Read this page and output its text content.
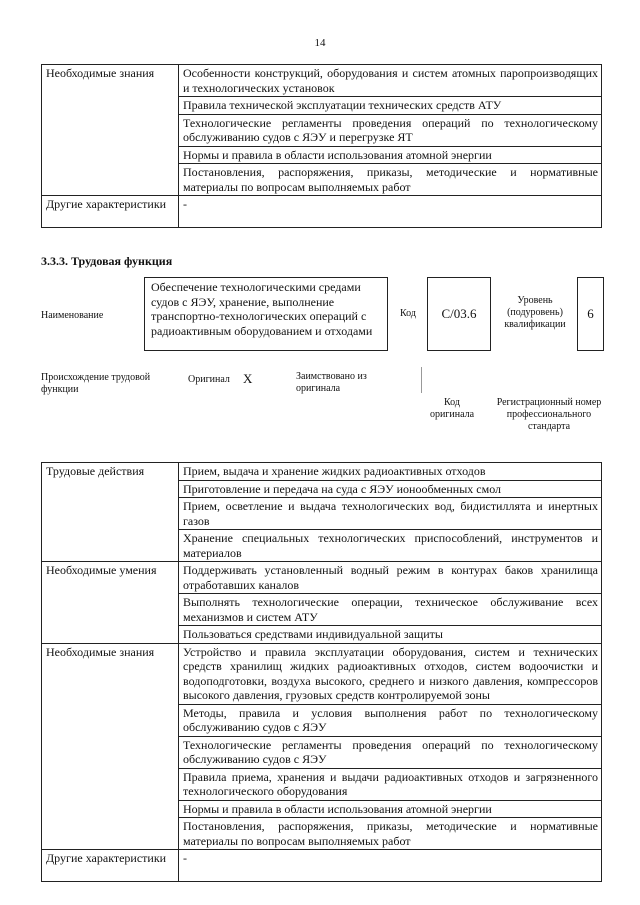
14
Необходимые знания	Особенности конструкций, оборудования и систем атомных паропроизводящих и технологических установок
	Правила технической эксплуатации технических средств АТУ
	Технологические регламенты проведения операций по технологическому обслуживанию судов с ЯЭУ и перегрузке ЯТ
	Нормы и правила в области использования атомной энергии
	Постановления, распоряжения, приказы, методические и нормативные материалы по вопросам выполняемых работ
Другие характеристики	-
3.3.3. Трудовая функция
Наименование
Обеспечение технологическими средами судов с ЯЭУ, хранение, выполнение транспортно-технологических операций с радиоактивным оборудованием и отходами
Код	C/03.6
Уровень (подуровень) квалификации
6
Происхождение трудовой функции
Оригинал X	Заимствовано из оригинала
Код оригинала
Регистрационный номер профессионального стандарта
Трудовые действия	Прием, выдача и хранение жидких радиоактивных отходов
	Приготовление и передача на суда с ЯЭУ ионообменных смол
	Прием, осветление и выдача технологических вод, бидистиллята и инертных газов
	Хранение специальных технологических приспособлений, инструментов и материалов
Необходимые умения	Поддерживать установленный водный режим в контурах баков хранилища отработавших каналов
	Выполнять технологические операции, техническое обслуживание всех механизмов и систем АТУ
	Пользоваться средствами индивидуальной защиты
Необходимые знания	Устройство и правила эксплуатации оборудования, систем и технических средств хранилищ жидких радиоактивных отходов, систем водоочистки и водоподготовки, воздуха высокого, среднего и низкого давления, компрессоров высокого давления, грузовых средств контролируемой зоны
	Методы, правила и условия выполнения работ по технологическому обслуживанию судов с ЯЭУ
	Технологические регламенты проведения операций по технологическому обслуживанию судов с ЯЭУ
	Правила приема, хранения и выдачи радиоактивных отходов и загрязненного технологического оборудования
	Нормы и правила в области использования атомной энергии
	Постановления, распоряжения, приказы, методические и нормативные материалы по вопросам выполняемых работ
Другие характеристики	-
